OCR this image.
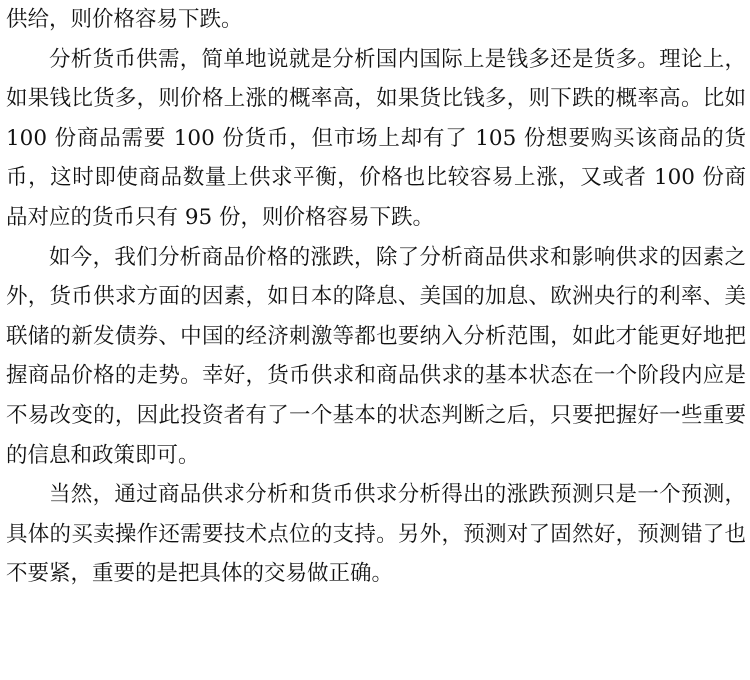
供给，则价格容易下跌。

分析货币供需，简单地说就是分析国内国际上是钱多还是货多。理论上，如果钱比货多，则价格上涨的概率高，如果货比钱多，则下跌的概率高。比如 100 份商品需要 100 份货币，但市场上却有了 105 份想要购买该商品的货币，这时即使商品数量上供求平衡，价格也比较容易上涨，又或者 100 份商品对应的货币只有 95 份，则价格容易下跌。

如今，我们分析商品价格的涨跌，除了分析商品供求和影响供求的因素之外，货币供求方面的因素，如日本的降息、美国的加息、欧洲央行的利率、美联储的新发债券、中国的经济刺激等都也要纳入分析范围，如此才能更好地把握商品价格的走势。幸好，货币供求和商品供求的基本状态在一个阶段内应是不易改变的，因此投资者有了一个基本的状态判断之后，只要把握好一些重要的信息和政策即可。

当然，通过商品供求分析和货币供求分析得出的涨跌预测只是一个预测，具体的买卖操作还需要技术点位的支持。另外，预测对了固然好，预测错了也不要紧，重要的是把具体的交易做正确。
